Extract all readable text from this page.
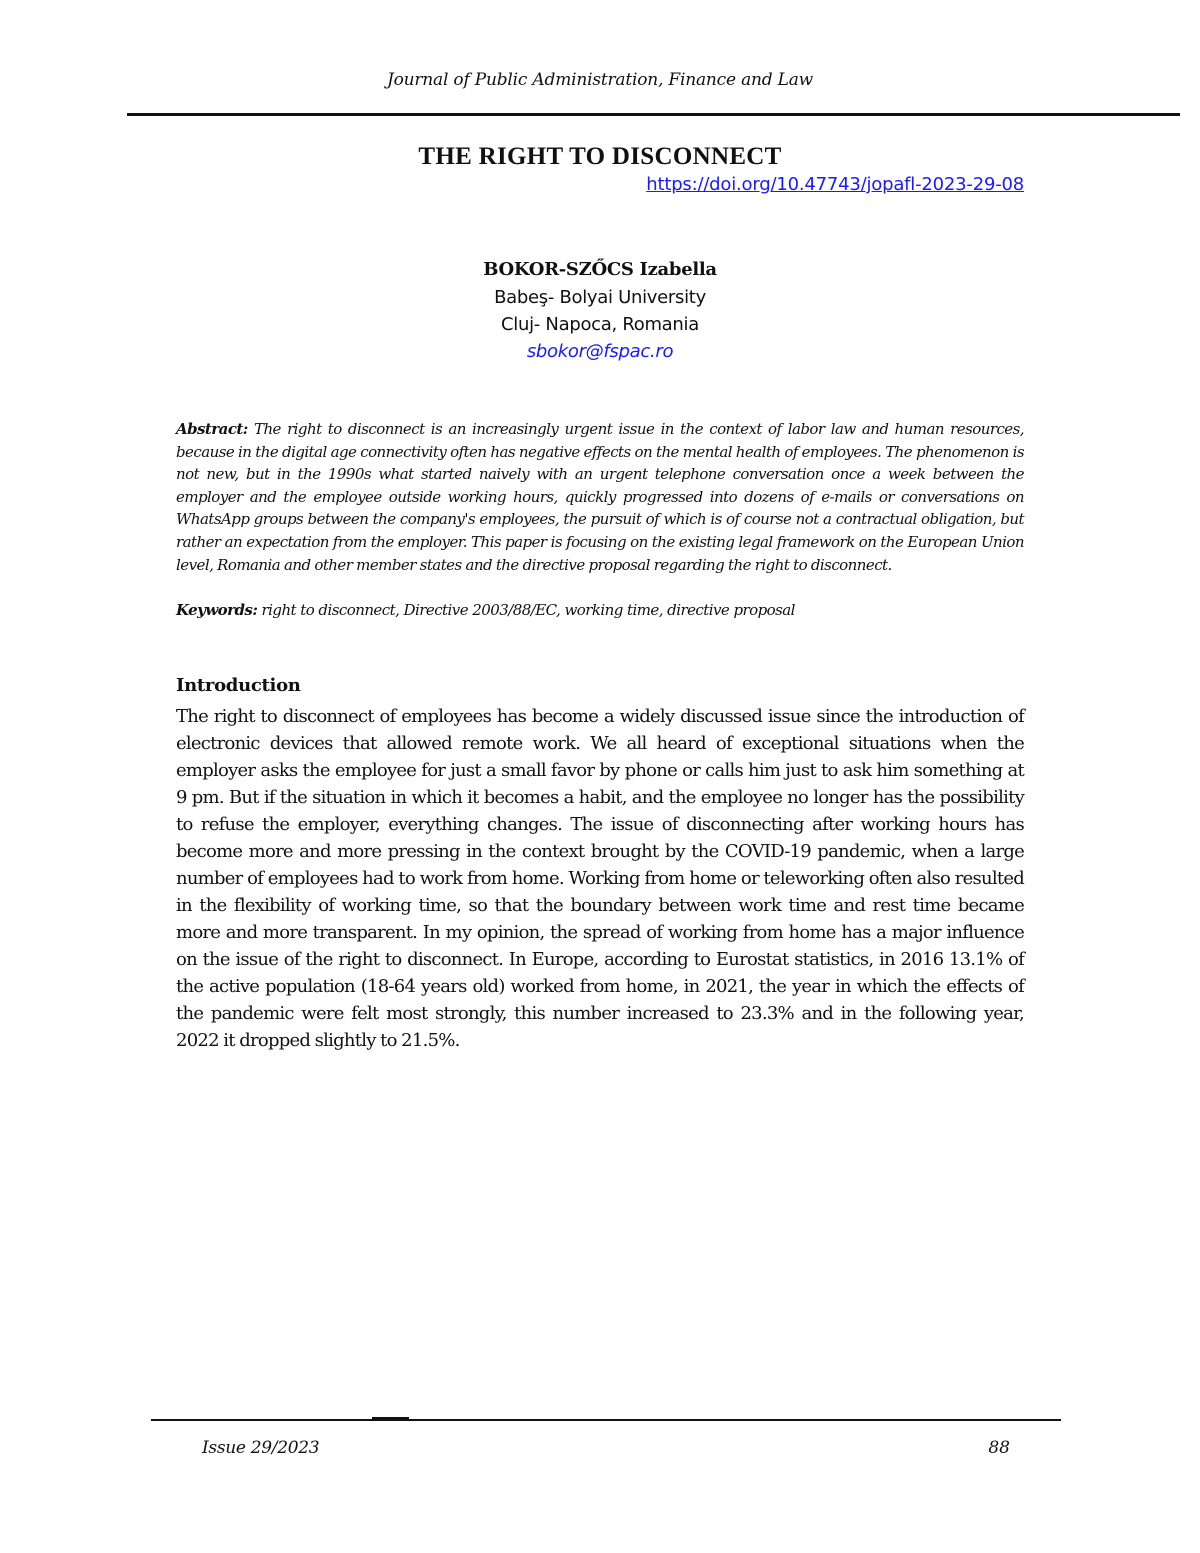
Journal of Public Administration, Finance and Law
THE RIGHT TO DISCONNECT
https://doi.org/10.47743/jopafl-2023-29-08
BOKOR-SZŐCS Izabella
Babeş- Bolyai University
Cluj- Napoca, Romania
sbokor@fspac.ro
Abstract: The right to disconnect is an increasingly urgent issue in the context of labor law and human resources, because in the digital age connectivity often has negative effects on the mental health of employees. The phenomenon is not new, but in the 1990s what started naively with an urgent telephone conversation once a week between the employer and the employee outside working hours, quickly progressed into dozens of e-mails or conversations on WhatsApp groups between the company's employees, the pursuit of which is of course not a contractual obligation, but rather an expectation from the employer. This paper is focusing on the existing legal framework on the European Union level, Romania and other member states and the directive proposal regarding the right to disconnect.
Keywords: right to disconnect, Directive 2003/88/EC, working time, directive proposal
Introduction
The right to disconnect of employees has become a widely discussed issue since the introduction of electronic devices that allowed remote work. We all heard of exceptional situations when the employer asks the employee for just a small favor by phone or calls him just to ask him something at 9 pm. But if the situation in which it becomes a habit, and the employee no longer has the possibility to refuse the employer, everything changes. The issue of disconnecting after working hours has become more and more pressing in the context brought by the COVID-19 pandemic, when a large number of employees had to work from home. Working from home or teleworking often also resulted in the flexibility of working time, so that the boundary between work time and rest time became more and more transparent. In my opinion, the spread of working from home has a major influence on the issue of the right to disconnect. In Europe, according to Eurostat statistics, in 2016 13.1% of the active population (18-64 years old) worked from home, in 2021, the year in which the effects of the pandemic were felt most strongly, this number increased to 23.3% and in the following year, 2022 it dropped slightly to 21.5%.
Issue 29/2023	88
